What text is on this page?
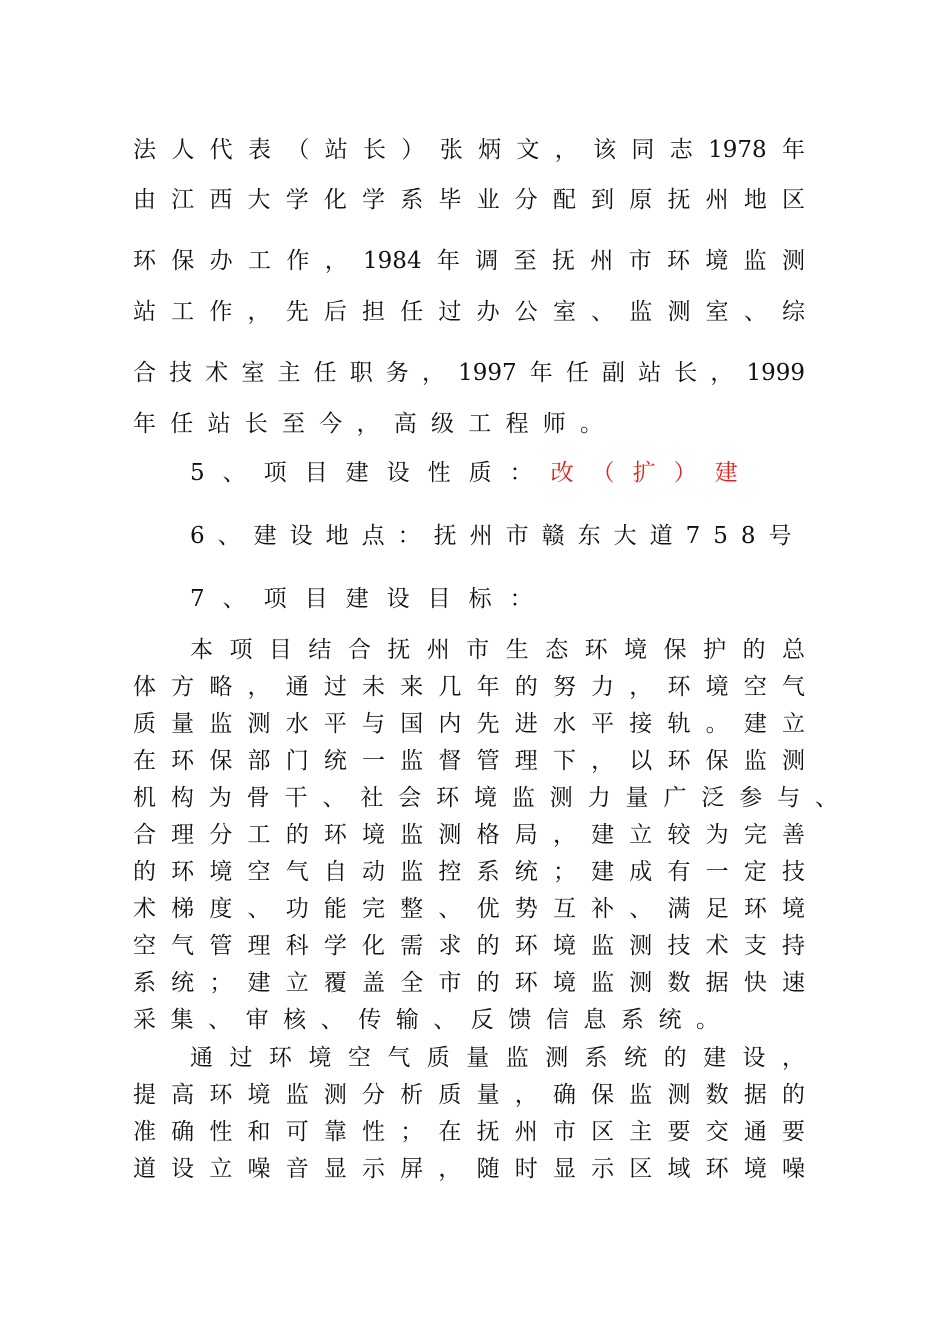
法人代表（站长）张炳文，该同志1978年
由江西大学化学系毕业分配到原抚州地区
环保办工作，1984年调至抚州市环境监测
站工作，先后担任过办公室、监测室、综
合技术室主任职务，1997年任副站长，1999
年任站长至今，高级工程师。
5、项目建设性质：改（扩）建
6、建设地点：抚州市赣东大道758号
7、项目建设目标：
本项目结合抚州市生态环境保护的总
体方略，通过未来几年的努力，环境空气
质量监测水平与国内先进水平接轨。建立
在环保部门统一监督管理下，以环保监测
机构为骨干、社会环境监测力量广泛参与、
合理分工的环境监测格局，建立较为完善
的环境空气自动监控系统；建成有一定技
术梯度、功能完整、优势互补、满足环境
空气管理科学化需求的环境监测技术支持
系统；建立覆盖全市的环境监测数据快速
采集、审核、传输、反馈信息系统。
通过环境空气质量监测系统的建设，
提高环境监测分析质量，确保监测数据的
准确性和可靠性；在抚州市区主要交通要
道设立噪音显示屏，随时显示区域环境噪
